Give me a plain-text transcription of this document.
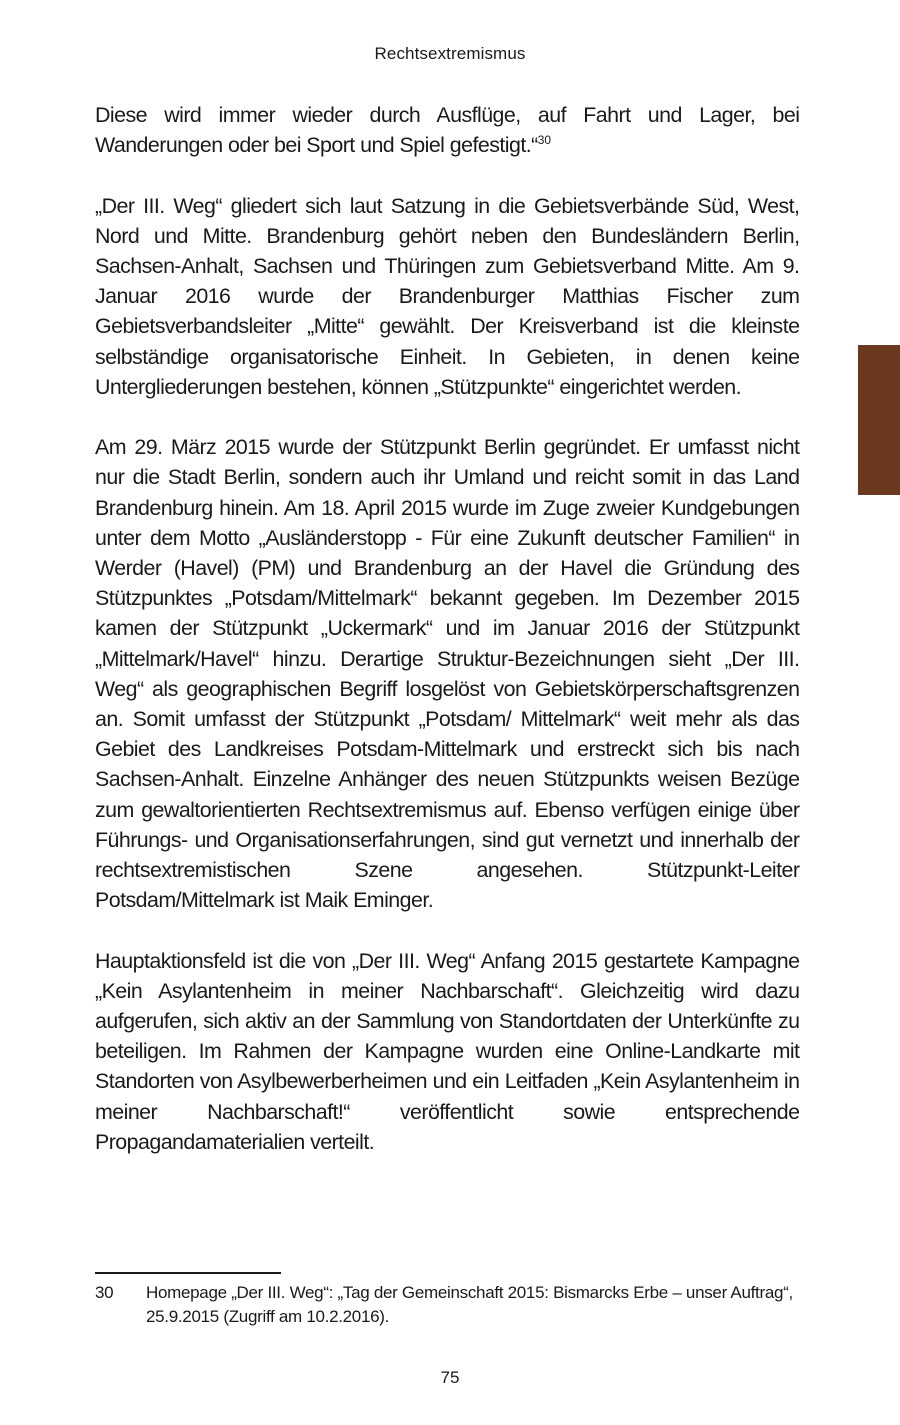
Rechtsextremismus

Diese wird immer wieder durch Ausflüge, auf Fahrt und Lager, bei Wanderungen oder bei Sport und Spiel gefestigt.“$^{30}$

„Der III. Weg“ gliedert sich laut Satzung in die Gebietsverbände Süd, West, Nord und Mitte. Brandenburg gehört neben den Bundesländern Berlin, Sachsen-Anhalt, Sachsen und Thüringen zum Gebietsverband Mitte. Am 9. Januar 2016 wurde der Brandenburger Matthias Fischer zum Gebietsverbandsleiter „Mitte“ gewählt. Der Kreisverband ist die kleinste selbständige organisatorische Einheit. In Gebieten, in denen keine Untergliederungen bestehen, können „Stützpunkte“ eingerichtet werden.

Am 29. März 2015 wurde der Stützpunkt Berlin gegründet. Er umfasst nicht nur die Stadt Berlin, sondern auch ihr Umland und reicht somit in das Land Brandenburg hinein. Am 18. April 2015 wurde im Zuge zweier Kundgebungen unter dem Motto „Ausländerstopp - Für eine Zukunft deutscher Familien“ in Werder (Havel) (PM) und Brandenburg an der Havel die Gründung des Stützpunktes „Potsdam/Mittelmark“ bekannt gegeben. Im Dezember 2015 kamen der Stützpunkt „Uckermark“ und im Januar 2016 der Stützpunkt „Mittelmark/Havel“ hinzu. Derartige Struktur-Bezeichnungen sieht „Der III. Weg“ als geographischen Begriff losgelöst von Gebietskörperschaftsgrenzen an. Somit umfasst der Stützpunkt „Potsdam/ Mittelmark“ weit mehr als das Gebiet des Landkreises Potsdam-Mittelmark und erstreckt sich bis nach Sachsen-Anhalt. Einzelne Anhänger des neuen Stützpunkts weisen Bezüge zum gewaltorientierten Rechtsextremismus auf. Ebenso verfügen einige über Führungs- und Organisationserfahrungen, sind gut vernetzt und innerhalb der rechtsextremistischen Szene angesehen. Stützpunkt-Leiter Potsdam/Mittelmark ist Maik Eminger.

Hauptaktionsfeld ist die von „Der III. Weg“ Anfang 2015 gestartete Kampagne „Kein Asylantenheim in meiner Nachbarschaft“. Gleichzeitig wird dazu aufgerufen, sich aktiv an der Sammlung von Standortdaten der Unterkünfte zu beteiligen. Im Rahmen der Kampagne wurden eine Online-Landkarte mit Standorten von Asylbewerberheimen und ein Leitfaden „Kein Asylantenheim in meiner Nachbarschaft!“ veröffentlicht sowie entsprechende Propagandamaterialien verteilt.

30 Homepage „Der III. Weg“: „Tag der Gemeinschaft 2015: Bismarcks Erbe – unser Auftrag“, 25.9.2015 (Zugriff am 10.2.2016).
75
